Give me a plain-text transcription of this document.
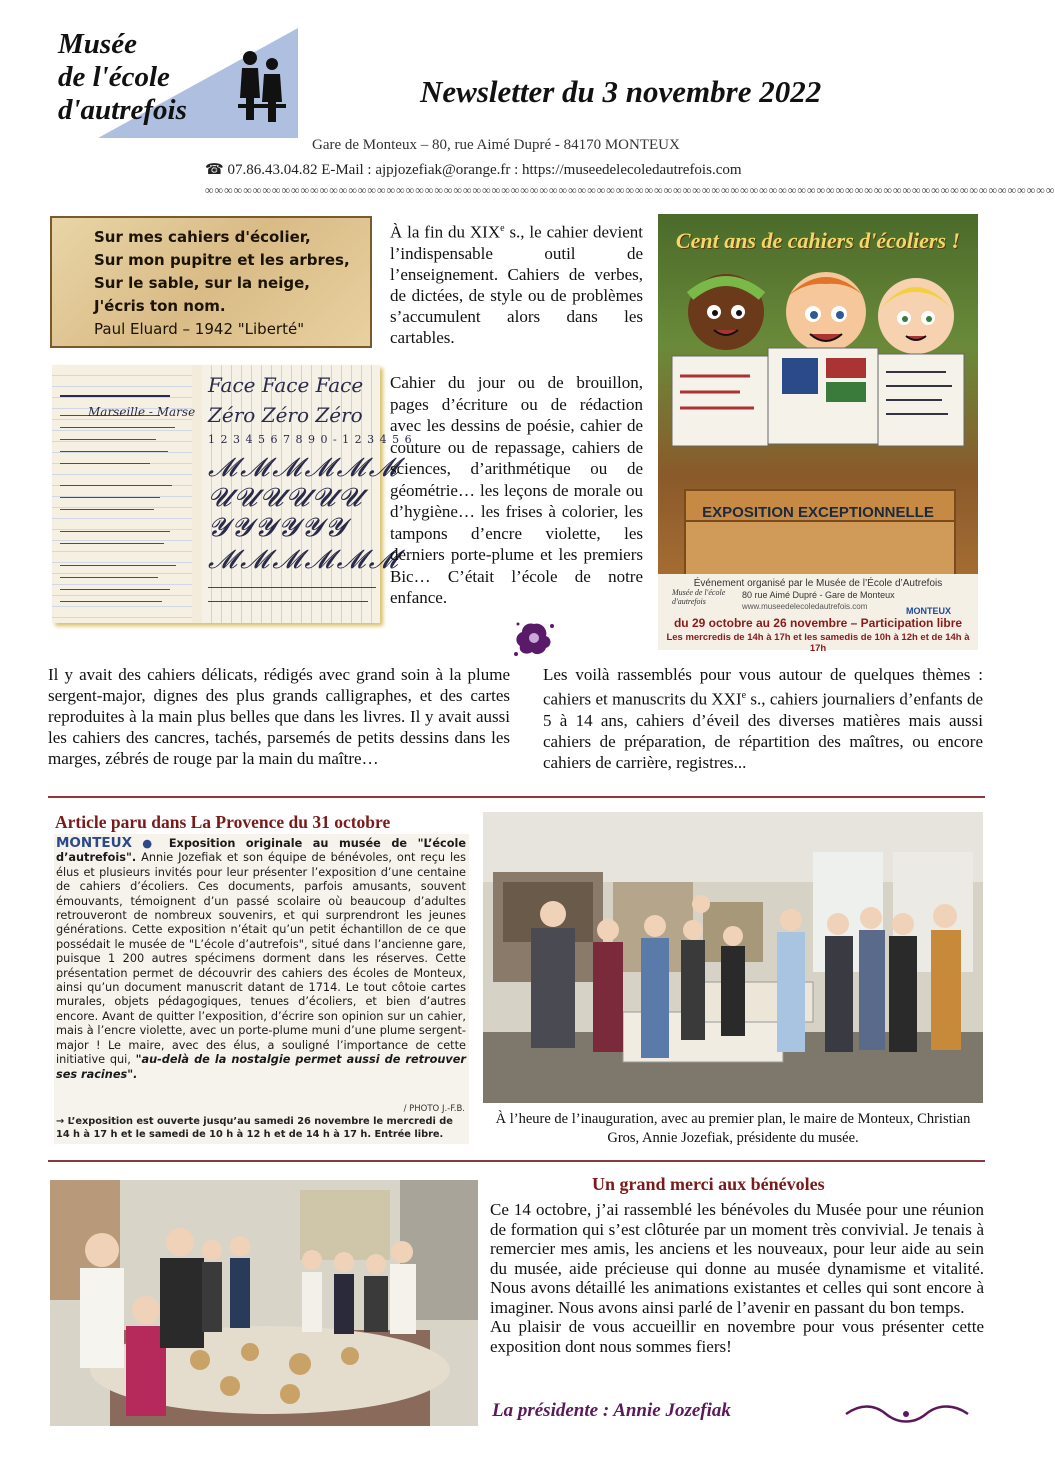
Musée
de l'école
d'autrefois
Newsletter du 3 novembre 2022
Gare de Monteux – 80, rue Aimé Dupré - 84170 MONTEUX
☎ 07.86.43.04.82 E-Mail : ajpjozefiak@orange.fr : https://museedelecoledautrefois.com
∞∞∞∞∞∞∞∞∞∞∞∞∞∞∞∞∞∞∞∞∞∞∞∞∞∞∞∞∞∞∞∞∞∞∞∞∞∞∞∞∞∞∞∞∞∞∞∞∞∞∞∞∞∞∞∞∞∞∞∞∞∞∞∞∞∞∞∞∞∞∞∞∞∞∞∞∞∞∞∞∞∞∞∞∞∞∞∞∞

Sur mes cahiers d'écolier,

Sur mon pupitre et les arbres,

Sur le sable, sur la neige,

J'écris ton nom.

Paul Eluard – 1942 "Liberté"

Face Face Face
Zéro Zéro Zéro
1 2 3 4 5 6 7 8 9 0 - 1 2 3 4 5 6
Marseille - Marse
𝓜𝓜𝓜𝓜𝓜𝓜
𝓤𝓤𝓤𝓤𝓤𝓤
𝓨𝓨𝓨𝓨𝓨𝓨
𝓜𝓜𝓜𝓜𝓜𝓜
À la fin du XIXe s., le cahier devient l’indispensable outil de l’enseignement. Cahiers de verbes, de dictées, de style ou de problèmes s’accumulent alors dans les cartables.
Cahier du jour ou de brouillon, pages d’écriture ou de rédaction avec les dessins de poésie, cahier de couture ou de repassage, cahiers de sciences, d’arithmétique ou de géométrie… les leçons de morale ou d’hygiène… les frises à colorier, les tampons d’encre violette, les derniers porte-plume et les premiers Bic… C’était l’école de notre enfance.
Cent ans de cahiers d'écoliers !
EXPOSITION EXCEPTIONNELLE
Musée de l'école d'autrefois
Événement organisé par le Musée de l’École d’Autrefois
80 rue Aimé Dupré - Gare de Monteux
www.museedelecoledautrefois.com	MONTEUX
du 29 octobre au 26 novembre – Participation libre
Les mercredis de 14h à 17h et les samedis de 10h à 12h et de 14h à 17h
Il y avait des cahiers délicats, rédigés avec grand soin à la plume sergent-major, dignes des plus grands calligraphes, et des cartes reproduites à la main plus belles que dans les livres. Il y avait aussi les cahiers des cancres, tachés, parsemés de petits dessins dans les marges, zébrés de rouge par la main du maître…
Les voilà rassemblés pour vous autour de quelques thèmes : cahiers et manuscrits du XXIe s., cahiers journaliers d’enfants de 5 à 14 ans, cahiers d’éveil des diverses matières mais aussi cahiers de préparation, de répartition des maîtres, ou encore cahiers de carrière, registres...
Article paru dans La Provence du 31 octobre
MONTEUX ● Exposition originale au musée de "L’école d’autrefois". Annie Jozefiak et son équipe de bénévoles, ont reçu les élus et plusieurs invités pour leur présenter l’exposition d’une centaine de cahiers d’écoliers. Ces documents, parfois amusants, souvent émouvants, témoignent d’un passé scolaire où beaucoup d’adultes retrouveront de nombreux souvenirs, et qui surprendront les jeunes générations. Cette exposition n’était qu’un petit échantillon de ce que possédait le musée de "L’école d’autrefois", situé dans l’ancienne gare, puisque 1 200 autres spécimens dorment dans les réserves. Cette présentation permet de découvrir des cahiers des écoles de Monteux, ainsi qu’un document manuscrit datant de 1714. Le tout côtoie cartes murales, objets pédagogiques, tenues d’écoliers, et bien d’autres encore. Avant de quitter l’exposition, d’écrire son opinion sur un cahier, mais à l’encre violette, avec un porte-plume muni d’une plume sergent-major ! Le maire, avec des élus, a souligné l’importance de cette initiative qui, "au-delà de la nostalgie permet aussi de retrouver ses racines".
/ PHOTO J.-F.B.
→ L’exposition est ouverte jusqu’au samedi 26 novembre le mercredi de 14 h à 17 h et le samedi de 10 h à 12 h et de 14 h à 17 h. Entrée libre.
À l’heure de l’inauguration, avec au premier plan, le maire de Monteux, Christian Gros, Annie Jozefiak, présidente du musée.
Un grand merci aux bénévoles
Ce 14 octobre, j’ai rassemblé les bénévoles du Musée pour une réunion de formation qui s’est clôturée par un moment très convivial. Je tenais à remercier mes amis, les anciens et les nouveaux, pour leur aide au sein du musée, aide précieuse qui donne au musée dynamisme et vitalité. Nous avons détaillé les animations existantes et celles qui sont encore à imaginer. Nous avons ainsi parlé de l’avenir en passant du bon temps.
Au plaisir de vous accueillir en novembre pour vous présenter cette exposition dont nous sommes fiers!
La présidente : Annie Jozefiak
